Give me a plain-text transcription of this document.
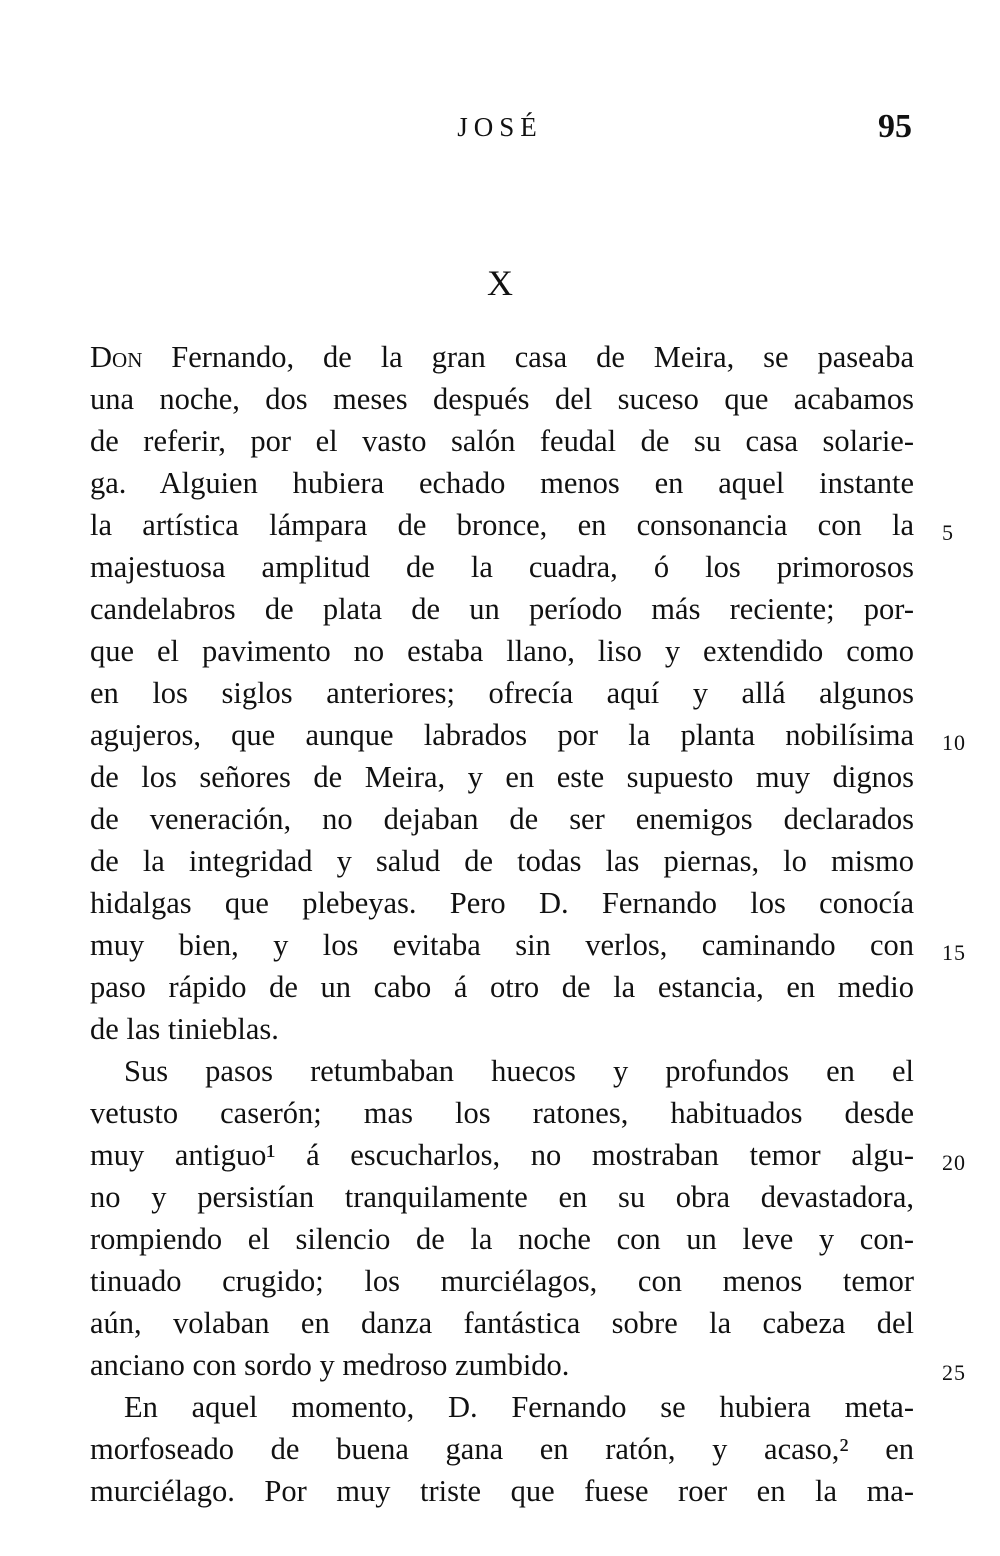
JOSÉ	95
X
Don Fernando, de la gran casa de Meira, se paseaba
una noche, dos meses después del suceso que acabamos
de referir, por el vasto salón feudal de su casa solarie-
ga. Alguien hubiera echado menos en aquel instante
la artística lámpara de bronce, en consonancia con la
majestuosa amplitud de la cuadra, ó los primorosos
candelabros de plata de un período más reciente; por-
que el pavimento no estaba llano, liso y extendido como
en los siglos anteriores; ofrecía aquí y allá algunos
agujeros, que aunque labrados por la planta nobilísima
de los señores de Meira, y en este supuesto muy dignos
de veneración, no dejaban de ser enemigos declarados
de la integridad y salud de todas las piernas, lo mismo
hidalgas que plebeyas. Pero D. Fernando los conocía
muy bien, y los evitaba sin verlos, caminando con
paso rápido de un cabo á otro de la estancia, en medio
de las tinieblas.
Sus pasos retumbaban huecos y profundos en el
vetusto caserón; mas los ratones, habituados desde
muy antiguo¹ á escucharlos, no mostraban temor algu-
no y persistían tranquilamente en su obra devastadora,
rompiendo el silencio de la noche con un leve y con-
tinuado crugido; los murciélagos, con menos temor
aún, volaban en danza fantástica sobre la cabeza del
anciano con sordo y medroso zumbido.
En aquel momento, D. Fernando se hubiera meta-
morfoseado de buena gana en ratón, y acaso,² en
murciélago. Por muy triste que fuese roer en la ma-
5
10
15
20
25
